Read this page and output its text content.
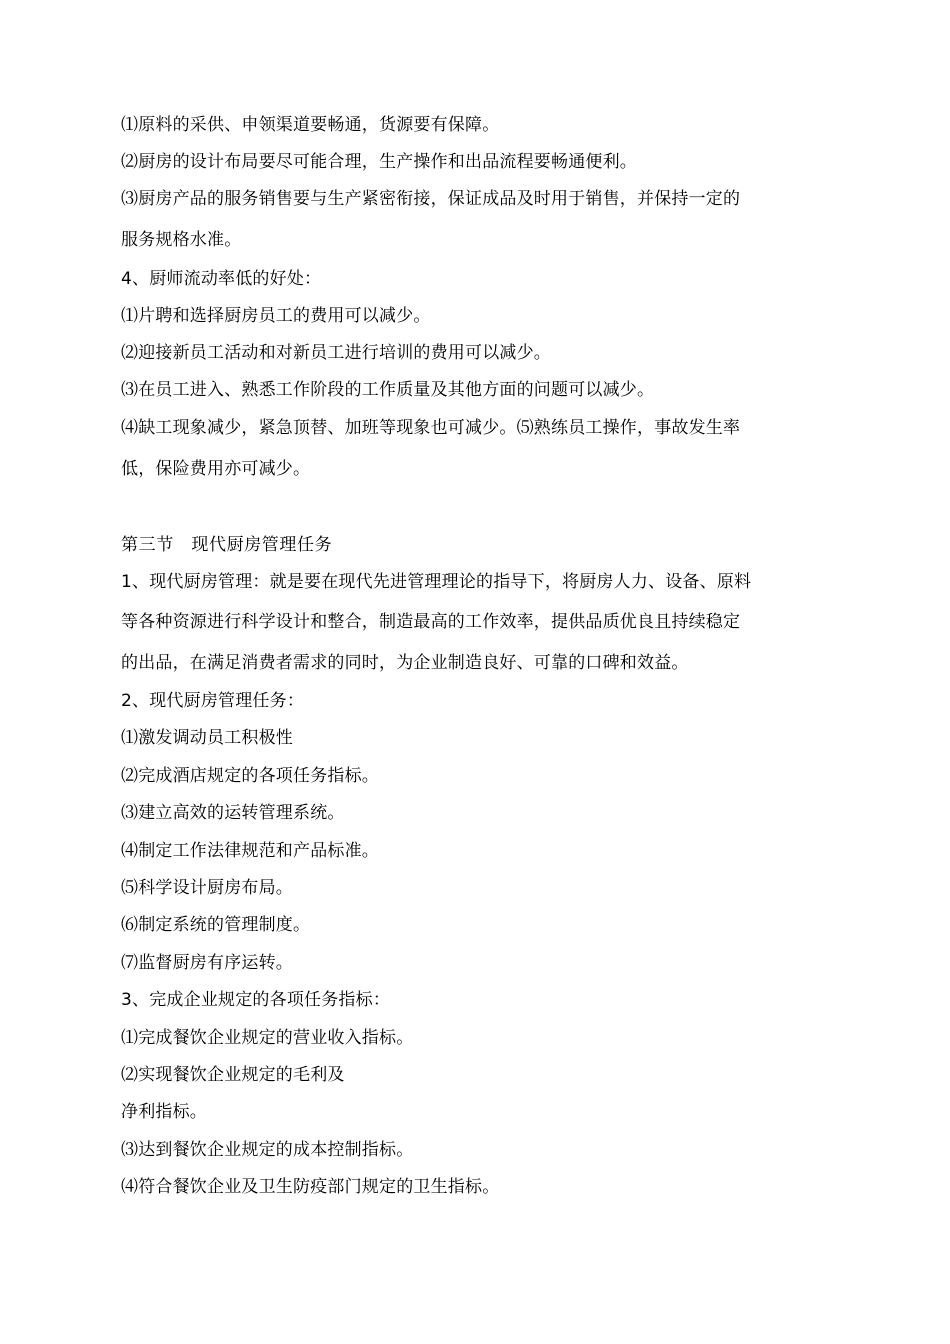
⑴原料的采供、申领渠道要畅通，货源要有保障。
⑵厨房的设计布局要尽可能合理，生产操作和出品流程要畅通便利。
⑶厨房产品的服务销售要与生产紧密衔接，保证成品及时用于销售，并保持一定的
服务规格水准。
4、厨师流动率低的好处：
⑴片聘和选择厨房员工的费用可以减少。
⑵迎接新员工活动和对新员工进行培训的费用可以减少。
⑶在员工进入、熟悉工作阶段的工作质量及其他方面的问题可以减少。
⑷缺工现象减少，紧急顶替、加班等现象也可减少。⑸熟练员工操作，事故发生率
低，保险费用亦可减少。
第三节　现代厨房管理任务
1、现代厨房管理：就是要在现代先进管理理论的指导下，将厨房人力、设备、原料
等各种资源进行科学设计和整合，制造最高的工作效率，提供品质优良且持续稳定
的出品，在满足消费者需求的同时，为企业制造良好、可靠的口碑和效益。
2、现代厨房管理任务：
⑴激发调动员工积极性
⑵完成酒店规定的各项任务指标。
⑶建立高效的运转管理系统。
⑷制定工作法律规范和产品标准。
⑸科学设计厨房布局。
⑹制定系统的管理制度。
⑺监督厨房有序运转。
3、完成企业规定的各项任务指标：
⑴完成餐饮企业规定的营业收入指标。
⑵实现餐饮企业规定的毛利及
净利指标。
⑶达到餐饮企业规定的成本控制指标。
⑷符合餐饮企业及卫生防疫部门规定的卫生指标。
